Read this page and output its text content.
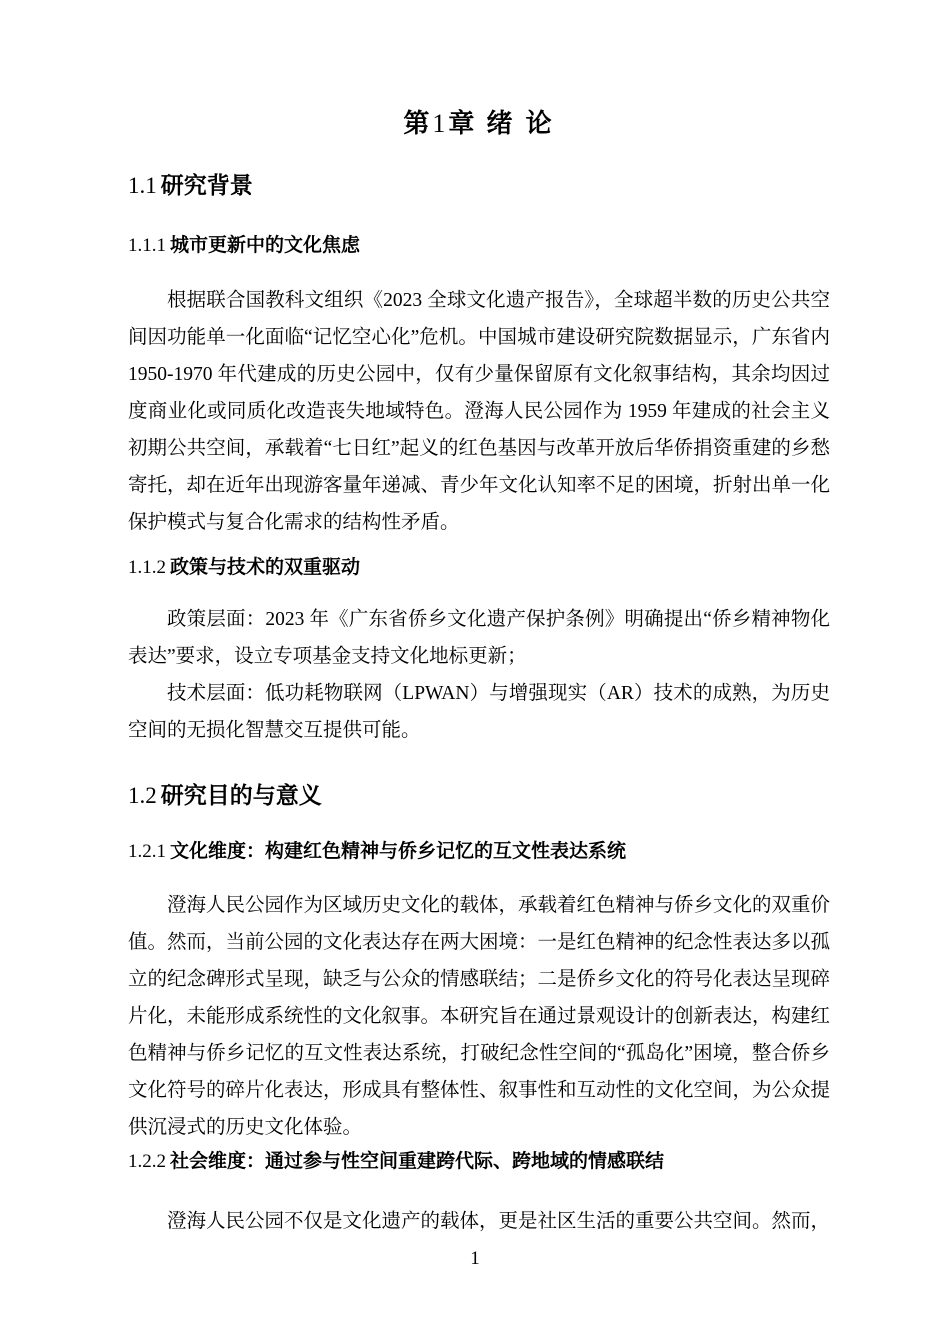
第1章 绪 论
1.1 研究背景
1.1.1 城市更新中的文化焦虑

根据联合国教科文组织《2023 全球文化遗产报告》，全球超半数的历史公共空间因功能单一化面临“记忆空心化”危机。中国城市建设研究院数据显示，广东省内 1950-1970 年代建成的历史公园中，仅有少量保留原有文化叙事结构，其余均因过度商业化或同质化改造丧失地域特色。澄海人民公园作为 1959 年建成的社会主义初期公共空间，承载着“七日红”起义的红色基因与改革开放后华侨捐资重建的乡愁寄托，却在近年出现游客量年递减、青少年文化认知率不足的困境，折射出单一化保护模式与复合化需求的结构性矛盾。

1.1.2 政策与技术的双重驱动

政策层面：2023 年《广东省侨乡文化遗产保护条例》明确提出“侨乡精神物化表达”要求，设立专项基金支持文化地标更新；

技术层面：低功耗物联网（LPWAN）与增强现实（AR）技术的成熟，为历史空间的无损化智慧交互提供可能。

1.2 研究目的与意义
1.2.1 文化维度：构建红色精神与侨乡记忆的互文性表达系统

澄海人民公园作为区域历史文化的载体，承载着红色精神与侨乡文化的双重价值。然而，当前公园的文化表达存在两大困境：一是红色精神的纪念性表达多以孤立的纪念碑形式呈现，缺乏与公众的情感联结；二是侨乡文化的符号化表达呈现碎片化，未能形成系统性的文化叙事。本研究旨在通过景观设计的创新表达，构建红色精神与侨乡记忆的互文性表达系统，打破纪念性空间的“孤岛化”困境，整合侨乡文化符号的碎片化表达，形成具有整体性、叙事性和互动性的文化空间，为公众提供沉浸式的历史文化体验。

1.2.2 社会维度：通过参与性空间重建跨代际、跨地域的情感联结

澄海人民公园不仅是文化遗产的载体，更是社区生活的重要公共空间。然而，

1
